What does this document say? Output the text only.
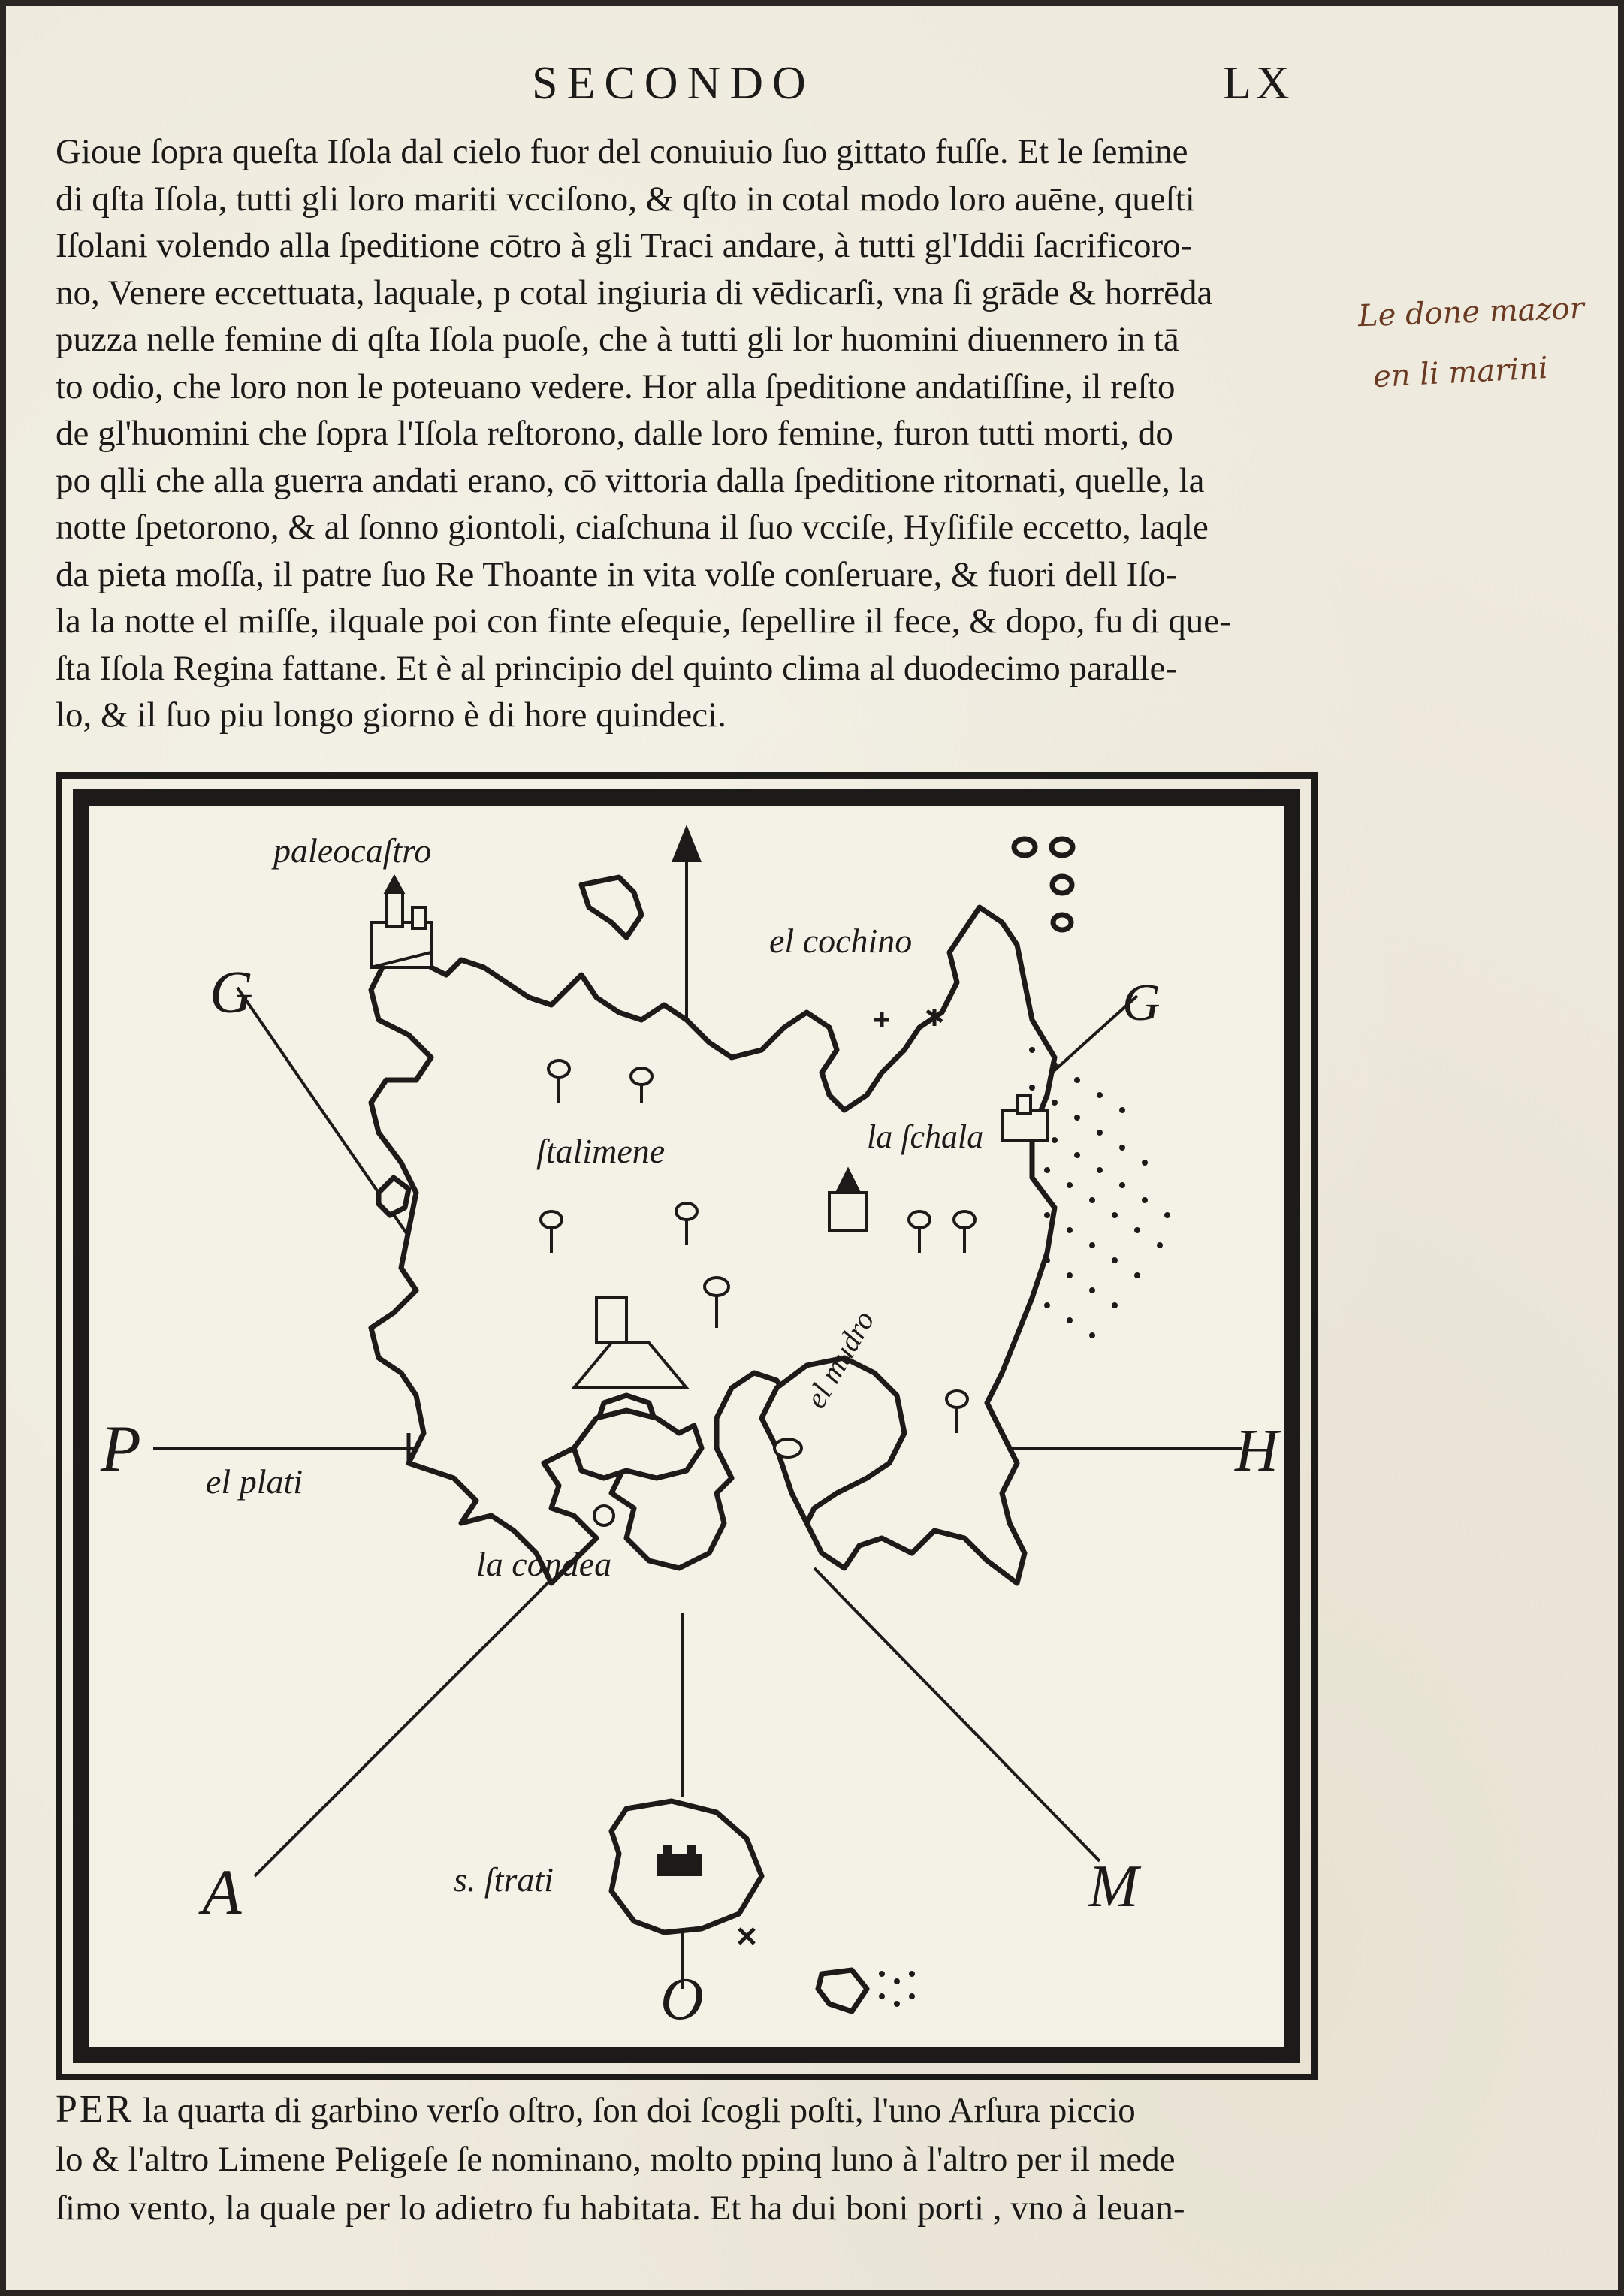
SECONDO	LX
Gioue ſopra queſta Iſola dal cielo fuor del conuiuio ſuo gittato fuſſe. Et le ſemine
di qſta Iſola, tutti gli loro mariti vcciſono, & qſto in cotal modo loro auēne, queſti
Iſolani volendo alla ſpeditione cōtro à gli Traci andare, à tutti gl'Iddii ſacrificoro-
no, Venere eccettuata, laquale, p cotal ingiuria di vēdicarſi, vna ſi grāde & horrēda
puzza nelle femine di qſta Iſola puoſe, che à tutti gli lor huomini diuennero in tā
to odio, che loro non le poteuano vedere. Hor alla ſpeditione andatiſſine, il reſto
de gl'huomini che ſopra l'Iſola reſtorono, dalle loro femine, furon tutti morti, do
po qlli che alla guerra andati erano, cō vittoria dalla ſpeditione ritornati, quelle, la
notte ſpetorono, & al ſonno giontoli, ciaſchuna il ſuo vcciſe, Hyſifile eccetto, laqle
da pieta moſſa, il patre ſuo Re Thoante in vita volſe conſeruare, & fuori dell Iſo-
la la notte el miſſe, ilquale poi con finte eſequie, ſepellire il fece, & dopo, fu di que-
ſta Iſola Regina fattane. Et è al principio del quinto clima al duodecimo paralle-
lo, & il ſuo piu longo giorno è di hore quindeci.
Le done mazor
en li marini
G	G
P	H
A
O
M
paleocaſtro
el cochino
ſtalimene	la ſchala
el mudro
el plati
la condea
s. ſtrati
PER la quarta di garbino verſo oſtro, ſon doi ſcogli poſti, l'uno Arſura piccio
lo & l'altro Limene Peligeſe ſe nominano, molto ppinq luno à l'altro per il mede
ſimo vento, la quale per lo adietro fu habitata. Et ha dui boni porti , vno à leuan-
